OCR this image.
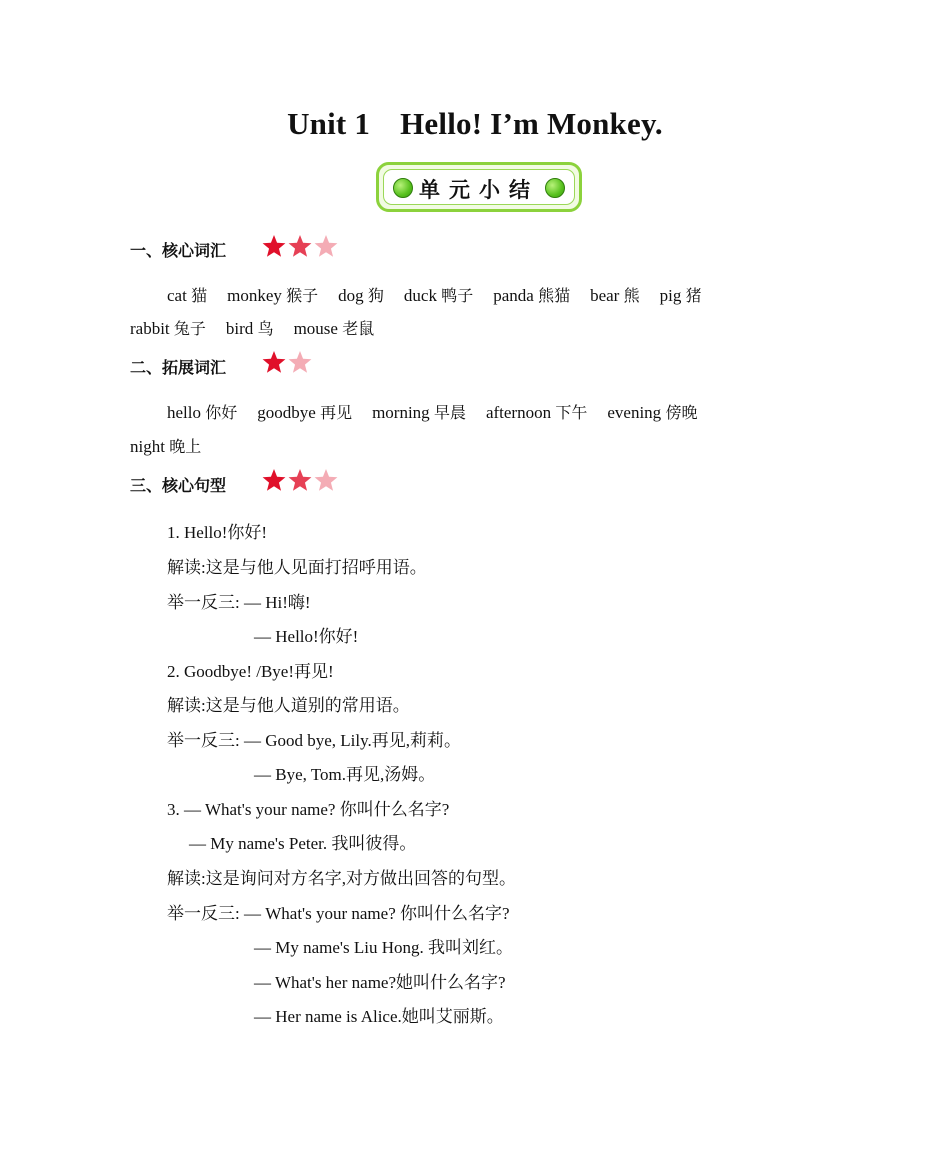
Unit 1 Hello! I’m Monkey.
单元小结
一、核心词汇
cat 猫 monkey 猴子 dog 狗 duck 鸭子 panda 熊猫 bear 熊 pig 猪
rabbit 兔子 bird 鸟 mouse 老鼠
二、拓展词汇
hello 你好 goodbye 再见 morning 早晨 afternoon 下午 evening 傍晚
night 晚上
三、核心句型
1. Hello!你好!
解读:这是与他人见面打招呼用语。
举一反三: — Hi!嗨!
— Hello!你好!
2. Goodbye! /Bye!再见!
解读:这是与他人道别的常用语。
举一反三: — Good bye, Lily.再见,莉莉。
— Bye, Tom.再见,汤姆。
3. — What's your name? 你叫什么名字?
— My name's Peter. 我叫彼得。
解读:这是询问对方名字,对方做出回答的句型。
举一反三: — What's your name? 你叫什么名字?
— My name's Liu Hong. 我叫刘红。
— What's her name?她叫什么名字?
— Her name is Alice.她叫艾丽斯。
